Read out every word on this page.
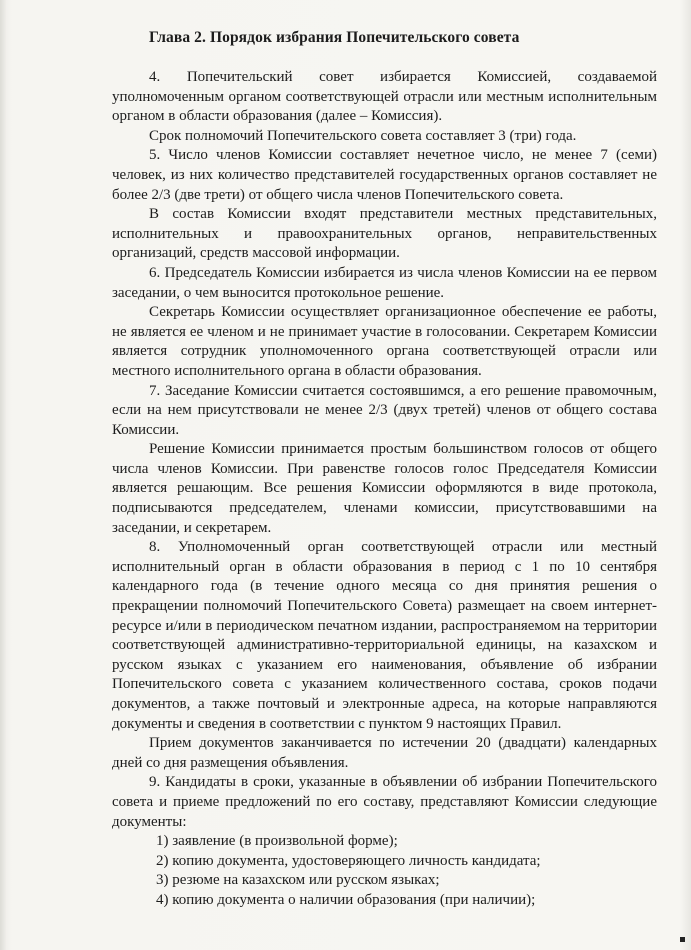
Глава 2. Порядок избрания Попечительского совета

4. Попечительский совет избирается Комиссией, создаваемой уполномоченным органом соответствующей отрасли или местным исполнительным органом в области образования (далее – Комиссия).

Срок полномочий Попечительского совета составляет 3 (три) года.

5. Число членов Комиссии составляет нечетное число, не менее 7 (семи) человек, из них количество представителей государственных органов составляет не более 2/3 (две трети) от общего числа членов Попечительского совета.

В состав Комиссии входят представители местных представительных, исполнительных и правоохранительных органов, неправительственных организаций, средств массовой информации.

6. Председатель Комиссии избирается из числа членов Комиссии на ее первом заседании, о чем выносится протокольное решение.

Секретарь Комиссии осуществляет организационное обеспечение ее работы, не является ее членом и не принимает участие в голосовании. Секретарем Комиссии является сотрудник уполномоченного органа соответствующей отрасли или местного исполнительного органа в области образования.

7. Заседание Комиссии считается состоявшимся, а его решение правомочным, если на нем присутствовали не менее 2/3 (двух третей) членов от общего состава Комиссии.

Решение Комиссии принимается простым большинством голосов от общего числа членов Комиссии. При равенстве голосов голос Председателя Комиссии является решающим. Все решения Комиссии оформляются в виде протокола, подписываются председателем, членами комиссии, присутствовавшими на заседании, и секретарем.

8. Уполномоченный орган соответствующей отрасли или местный исполнительный орган в области образования в период с 1 по 10 сентября календарного года (в течение одного месяца со дня принятия решения о прекращении полномочий Попечительского Совета) размещает на своем интернет-ресурсе и/или в периодическом печатном издании, распространяемом на территории соответствующей административно-территориальной единицы, на казахском и русском языках с указанием его наименования, объявление об избрании Попечительского совета с указанием количественного состава, сроков подачи документов, а также почтовый и электронные адреса, на которые направляются документы и сведения в соответствии с пунктом 9 настоящих Правил.

Прием документов заканчивается по истечении 20 (двадцати) календарных дней со дня размещения объявления.

9. Кандидаты в сроки, указанные в объявлении об избрании Попечительского совета и приеме предложений по его составу, представляют Комиссии следующие документы:

1) заявление (в произвольной форме);

2) копию документа, удостоверяющего личность кандидата;

3) резюме на казахском или русском языках;

4) копию документа о наличии образования (при наличии);
